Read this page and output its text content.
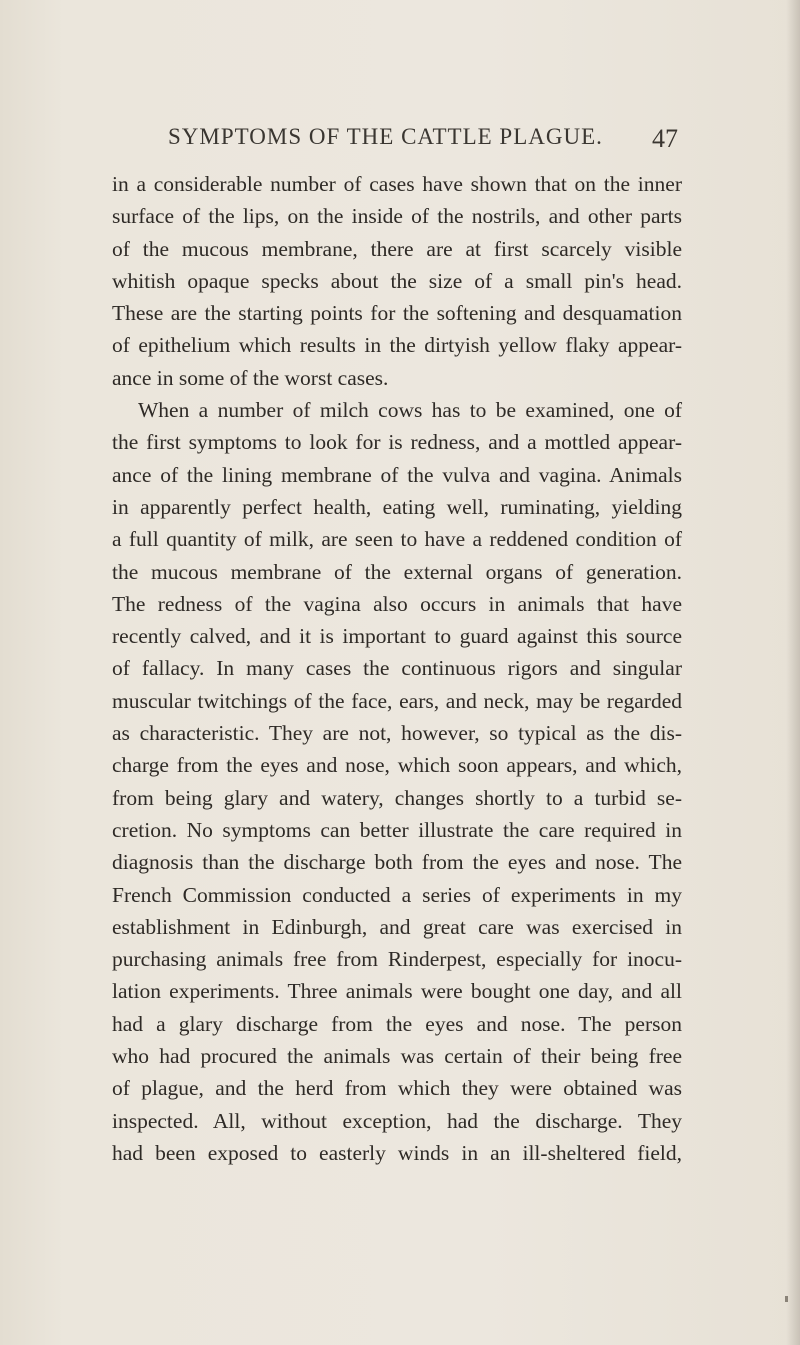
SYMPTOMS OF THE CATTLE PLAGUE. 47
in a considerable number of cases have shown that on the inner
surface of the lips, on the inside of the nostrils, and other parts
of the mucous membrane, there are at first scarcely visible
whitish opaque specks about the size of a small pin's head.
These are the starting points for the softening and desquamation
of epithelium which results in the dirtyish yellow flaky appear-
ance in some of the worst cases.
When a number of milch cows has to be examined, one of
the first symptoms to look for is redness, and a mottled appear-
ance of the lining membrane of the vulva and vagina. Animals
in apparently perfect health, eating well, ruminating, yielding
a full quantity of milk, are seen to have a reddened condition of
the mucous membrane of the external organs of generation.
The redness of the vagina also occurs in animals that have
recently calved, and it is important to guard against this source
of fallacy. In many cases the continuous rigors and singular
muscular twitchings of the face, ears, and neck, may be regarded
as characteristic. They are not, however, so typical as the dis-
charge from the eyes and nose, which soon appears, and which,
from being glary and watery, changes shortly to a turbid se-
cretion. No symptoms can better illustrate the care required in
diagnosis than the discharge both from the eyes and nose. The
French Commission conducted a series of experiments in my
establishment in Edinburgh, and great care was exercised in
purchasing animals free from Rinderpest, especially for inocu-
lation experiments. Three animals were bought one day, and all
had a glary discharge from the eyes and nose. The person
who had procured the animals was certain of their being free
of plague, and the herd from which they were obtained was
inspected. All, without exception, had the discharge. They
had been exposed to easterly winds in an ill-sheltered field,
